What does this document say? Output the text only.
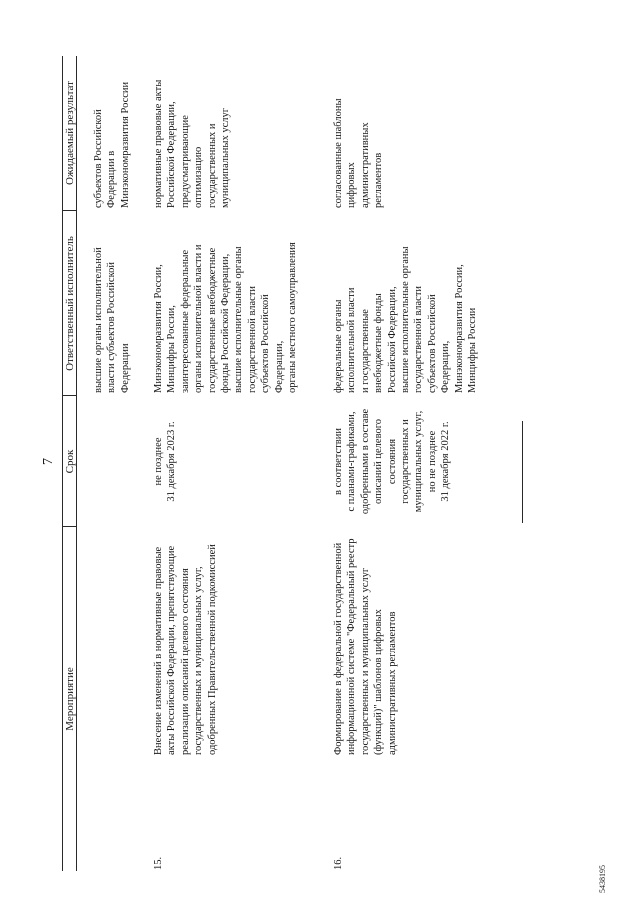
7
Мероприятие
Срок
Ответственный исполнитель
Ожидаемый результат
высшие органы исполнительной
власти субъектов Российской
Федерации
субъектов Российской
Федерации в
Минэкономразвития России
15.
Внесение изменений в нормативные правовые
акты Российской Федерации, препятствующие
реализации описаний целевого состояния
государственных и муниципальных услуг,
одобренных Правительственной подкомиссией
не позднее
31 декабря 2023 г.
Минэкономразвития России,
Минцифры России,
заинтересованные федеральные
органы исполнительной власти и
государственные внебюджетные
фонды Российской Федерации,
высшие исполнительные органы
государственной власти
субъектов Российской
Федерации,
органы местного самоуправления
нормативные правовые акты
Российской Федерации,
предусматривающие
оптимизацию
государственных и
муниципальных услуг
16.
Формирование в федеральной государственной
информационной системе "Федеральный реестр
государственных и муниципальных услуг
(функций)" шаблонов цифровых
административных регламентов
в соответствии
с планами-графиками,
одобренными в составе
описаний целевого
состояния
государственных и
муниципальных услуг,
но не позднее
31 декабря 2022 г.
федеральные органы
исполнительной власти
и государственные
внебюджетные фонды
Российской Федерации,
высшие исполнительные органы
государственной власти
субъектов Российской
Федерации,
Минэкономразвития России,
Минцифры России
согласованные шаблоны
цифровых
административных
регламентов
5438195
